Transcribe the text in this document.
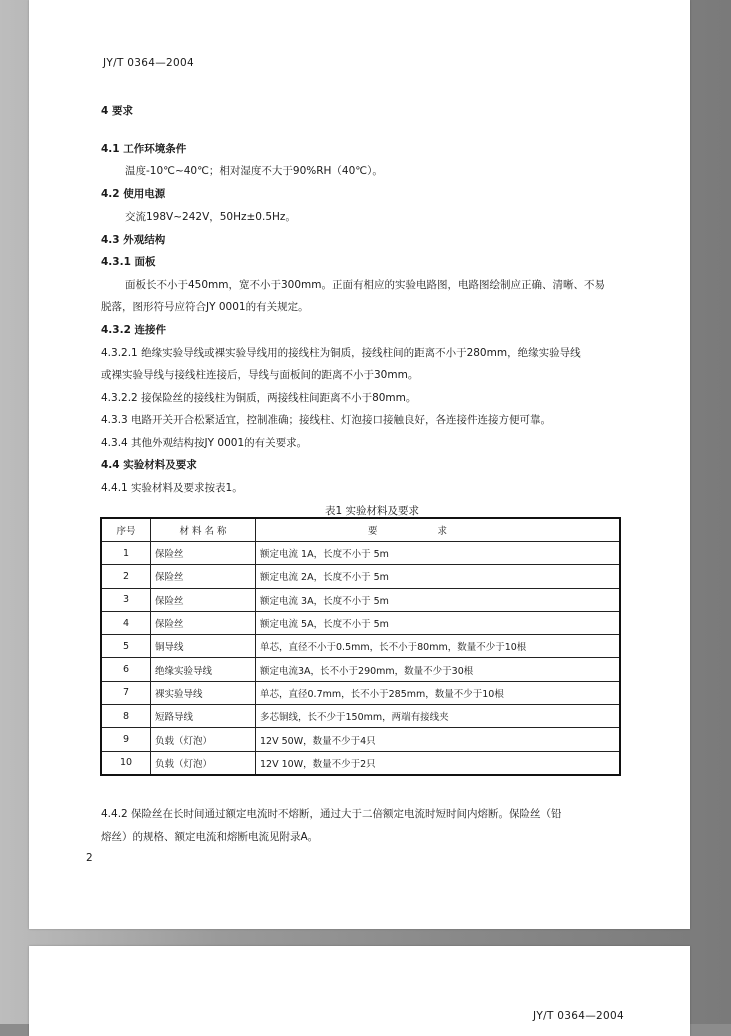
JY/T 0364—2004
4 要求
4.1 工作环境条件
温度-10℃~40℃；相对湿度不大于90%RH（40℃）。
4.2 使用电源
交流198V~242V，50Hz±0.5Hz。
4.3 外观结构
4.3.1 面板
面板长不小于450mm，宽不小于300mm。正面有相应的实验电路图，电路图绘制应正确、清晰、不易
脱落，图形符号应符合JY 0001的有关规定。
4.3.2 连接件
4.3.2.1 绝缘实验导线或裸实验导线用的接线柱为铜质，接线柱间的距离不小于280mm，绝缘实验导线
或裸实验导线与接线柱连接后，导线与面板间的距离不小于30mm。
4.3.2.2 接保险丝的接线柱为铜质，两接线柱间距离不小于80mm。
4.3.3 电路开关开合松紧适宜，控制准确；接线柱、灯泡接口接触良好，各连接件连接方便可靠。
4.3.4 其他外观结构按JY 0001的有关要求。
4.4 实验材料及要求
4.4.1 实验材料及要求按表1。
表1 实验材料及要求
序号	材 料 名 称	要求
1	保险丝	额定电流 1A，长度不小于 5m
2	保险丝	额定电流 2A，长度不小于 5m
3	保险丝	额定电流 3A，长度不小于 5m
4	保险丝	额定电流 5A，长度不小于 5m
5	铜导线	单芯，直径不小于0.5mm，长不小于80mm，数量不少于10根
6	绝缘实验导线	额定电流3A，长不小于290mm，数量不少于30根
7	裸实验导线	单芯，直径0.7mm，长不小于285mm，数量不少于10根
8	短路导线	多芯铜线，长不少于150mm，两端有接线夹
9	负载（灯泡）	12V 50W，数量不少于4只
10	负载（灯泡）	12V 10W，数量不少于2只
4.4.2 保险丝在长时间通过额定电流时不熔断，通过大于二倍额定电流时短时间内熔断。保险丝（铅
熔丝）的规格、额定电流和熔断电流见附录A。
2
JY/T 0364—2004
